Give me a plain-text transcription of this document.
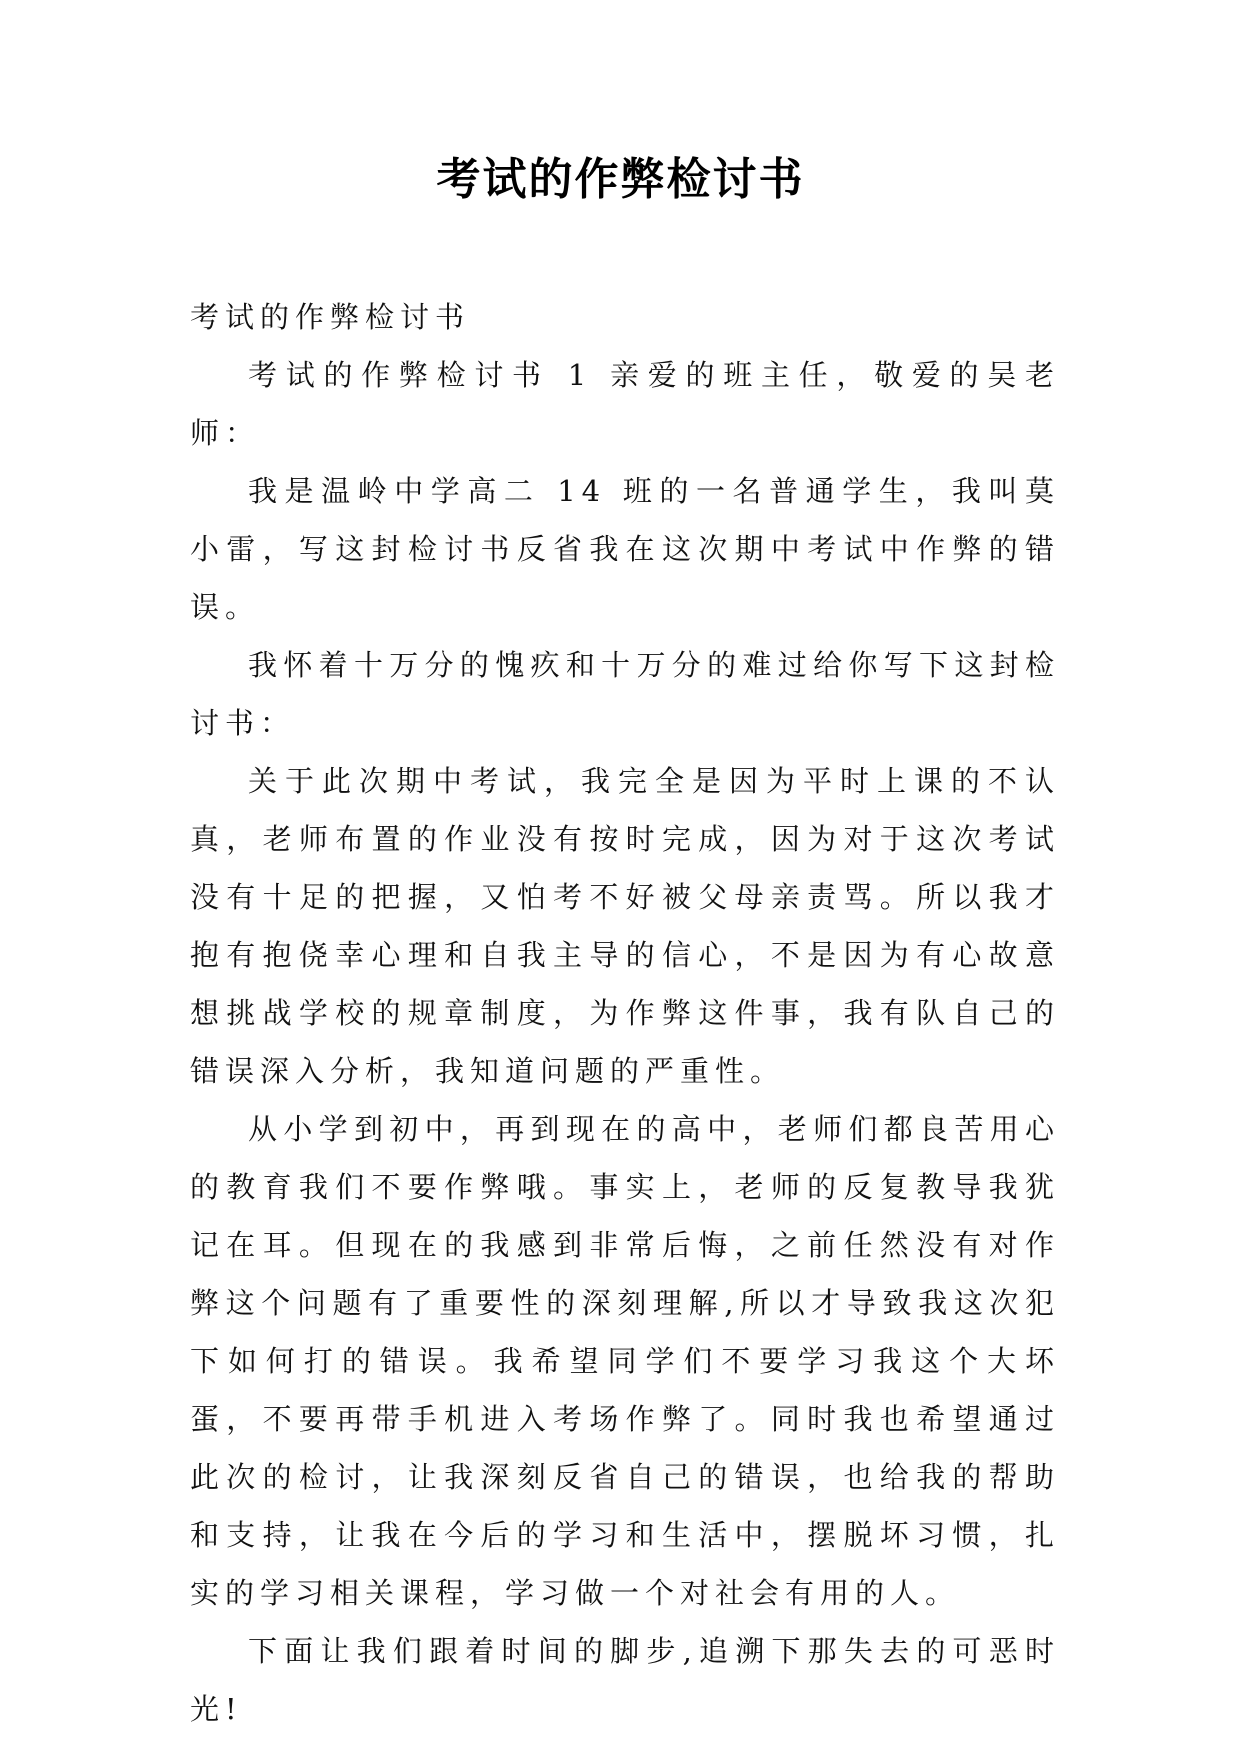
考试的作弊检讨书

考试的作弊检讨书

考试的作弊检讨书 1 亲爱的班主任，敬爱的吴老师：

我是温岭中学高二 14 班的一名普通学生，我叫莫小雷，写这封检讨书反省我在这次期中考试中作弊的错误。

我怀着十万分的愧疚和十万分的难过给你写下这封检讨书：

关于此次期中考试，我完全是因为平时上课的不认真，老师布置的作业没有按时完成，因为对于这次考试没有十足的把握，又怕考不好被父母亲责骂。所以我才抱有抱侥幸心理和自我主导的信心，不是因为有心故意想挑战学校的规章制度，为作弊这件事，我有队自己的错误深入分析，我知道问题的严重性。

从小学到初中，再到现在的高中，老师们都良苦用心的教育我们不要作弊哦。事实上，老师的反复教导我犹记在耳。但现在的我感到非常后悔，之前任然没有对作弊这个问题有了重要性的深刻理解,所以才导致我这次犯下如何打的错误。我希望同学们不要学习我这个大坏蛋，不要再带手机进入考场作弊了。同时我也希望通过此次的检讨，让我深刻反省自己的错误，也给我的帮助和支持，让我在今后的学习和生活中，摆脱坏习惯，扎实的学习相关课程，学习做一个对社会有用的人。

下面让我们跟着时间的脚步,追溯下那失去的可恶时光!
